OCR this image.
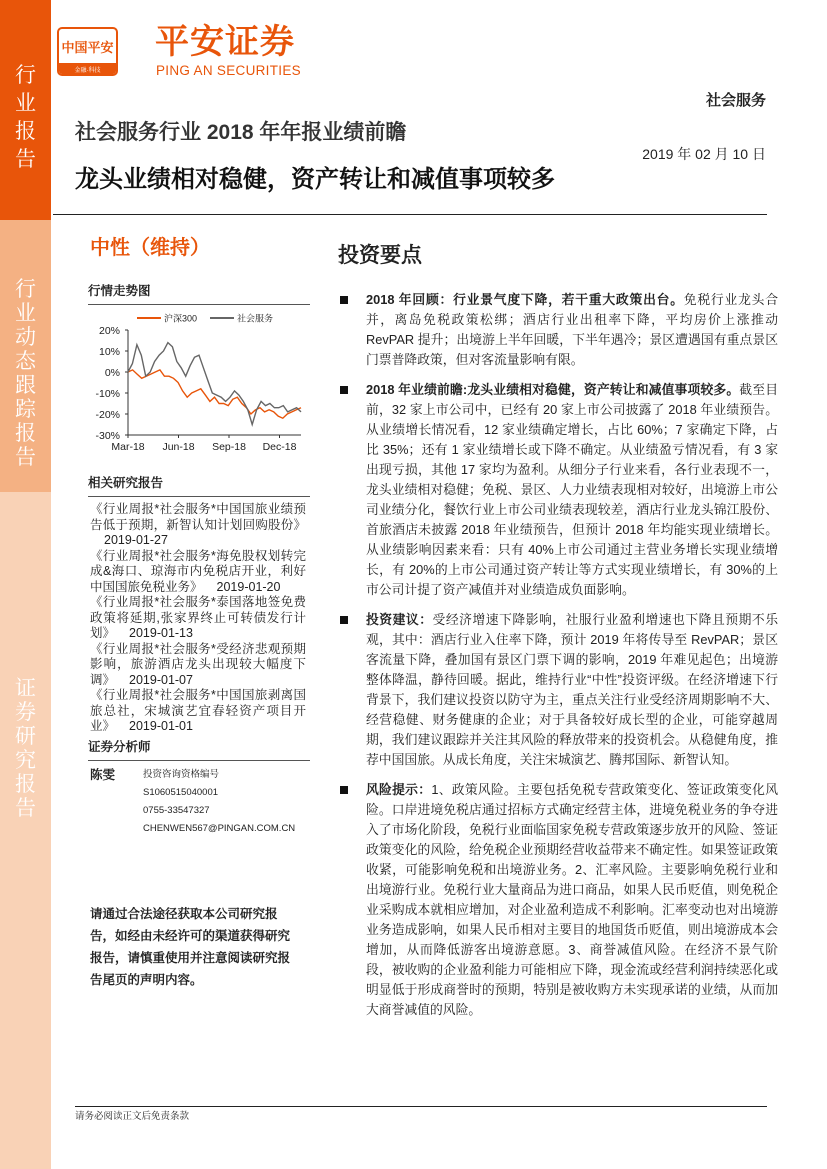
行业报告
行业动态跟踪报告
证券研究报告
中国平安
金融·科技
平安证券
PING AN SECURITIES
社会服务
社会服务行业 2018 年年报业绩前瞻
2019 年 02 月 10 日
龙头业绩相对稳健，资产转让和减值事项较多
中性（维持）
行情走势图
20%
10%
0%
-10%
-20%
-30%
Mar-18 Jun-18 Sep-18 Dec-18
沪深300	社会服务
相关研究报告
《行业周报*社会服务*中国国旅业绩预告低于预期，新智认知计划回购股份》2019-01-27
《行业周报*社会服务*海免股权划转完成&海口、琼海市内免税店开业，利好中国国旅免税业务》 2019-01-20
《行业周报*社会服务*泰国落地签免费政策将延期,张家界终止可转债发行计划》 2019-01-13
《行业周报*社会服务*受经济悲观预期影响，旅游酒店龙头出现较大幅度下调》 2019-01-07
《行业周报*社会服务*中国国旅剥离国旅总社，宋城演艺宜春轻资产项目开业》 2019-01-01
证券分析师
陈雯	投资咨询资格编号
S1060515040001
0755-33547327
CHENWEN567@PINGAN.COM.CN
请通过合法途径获取本公司研究报告，如经由未经许可的渠道获得研究报告，请慎重使用并注意阅读研究报告尾页的声明内容。
投资要点
2018 年回顾：行业景气度下降，若干重大政策出台。免税行业龙头合并，离岛免税政策松绑；酒店行业出租率下降，平均房价上涨推动 RevPAR 提升；出境游上半年回暖，下半年遇冷；景区遭遇国有重点景区门票普降政策，但对客流量影响有限。
2018 年业绩前瞻:龙头业绩相对稳健，资产转让和减值事项较多。截至目前，32 家上市公司中，已经有 20 家上市公司披露了 2018 年业绩预告。从业绩增长情况看，12 家业绩确定增长，占比 60%；7 家确定下降，占比 35%；还有 1 家业绩增长或下降不确定。从业绩盈亏情况看，有 3 家出现亏损，其他 17 家均为盈利。从细分子行业来看，各行业表现不一，龙头业绩相对稳健；免税、景区、人力业绩表现相对较好，出境游上市公司业绩分化，餐饮行业上市公司业绩表现较差，酒店行业龙头锦江股份、首旅酒店未披露 2018 年业绩预告，但预计 2018 年均能实现业绩增长。从业绩影响因素来看：只有 40%上市公司通过主营业务增长实现业绩增长，有 20%的上市公司通过资产转让等方式实现业绩增长，有 30%的上市公司计提了资产减值并对业绩造成负面影响。
投资建议：受经济增速下降影响，社服行业盈利增速也下降且预期不乐观，其中：酒店行业入住率下降，预计 2019 年将传导至 RevPAR；景区客流量下降，叠加国有景区门票下调的影响，2019 年难见起色；出境游整体降温，静待回暖。据此，维持行业“中性”投资评级。在经济增速下行背景下，我们建议投资以防守为主，重点关注行业受经济周期影响不大、经营稳健、财务健康的企业；对于具备较好成长型的企业，可能穿越周期，我们建议跟踪并关注其风险的释放带来的投资机会。从稳健角度，推荐中国国旅。从成长角度，关注宋城演艺、腾邦国际、新智认知。
风险提示：1、政策风险。主要包括免税专营政策变化、签证政策变化风险。口岸进境免税店通过招标方式确定经营主体，进境免税业务的争夺进入了市场化阶段，免税行业面临国家免税专营政策逐步放开的风险、签证政策变化的风险，给免税企业预期经营收益带来不确定性。如果签证政策收紧，可能影响免税和出境游业务。2、汇率风险。主要影响免税行业和出境游行业。免税行业大量商品为进口商品，如果人民币贬值，则免税企业采购成本就相应增加，对企业盈利造成不利影响。汇率变动也对出境游业务造成影响，如果人民币相对主要目的地国货币贬值，则出境游成本会增加，从而降低游客出境游意愿。3、商誉减值风险。在经济不景气阶段，被收购的企业盈利能力可能相应下降，现金流或经营利润持续恶化或明显低于形成商誉时的预期，特别是被收购方未实现承诺的业绩，从而加大商誉减值的风险。
请务必阅读正文后免责条款
